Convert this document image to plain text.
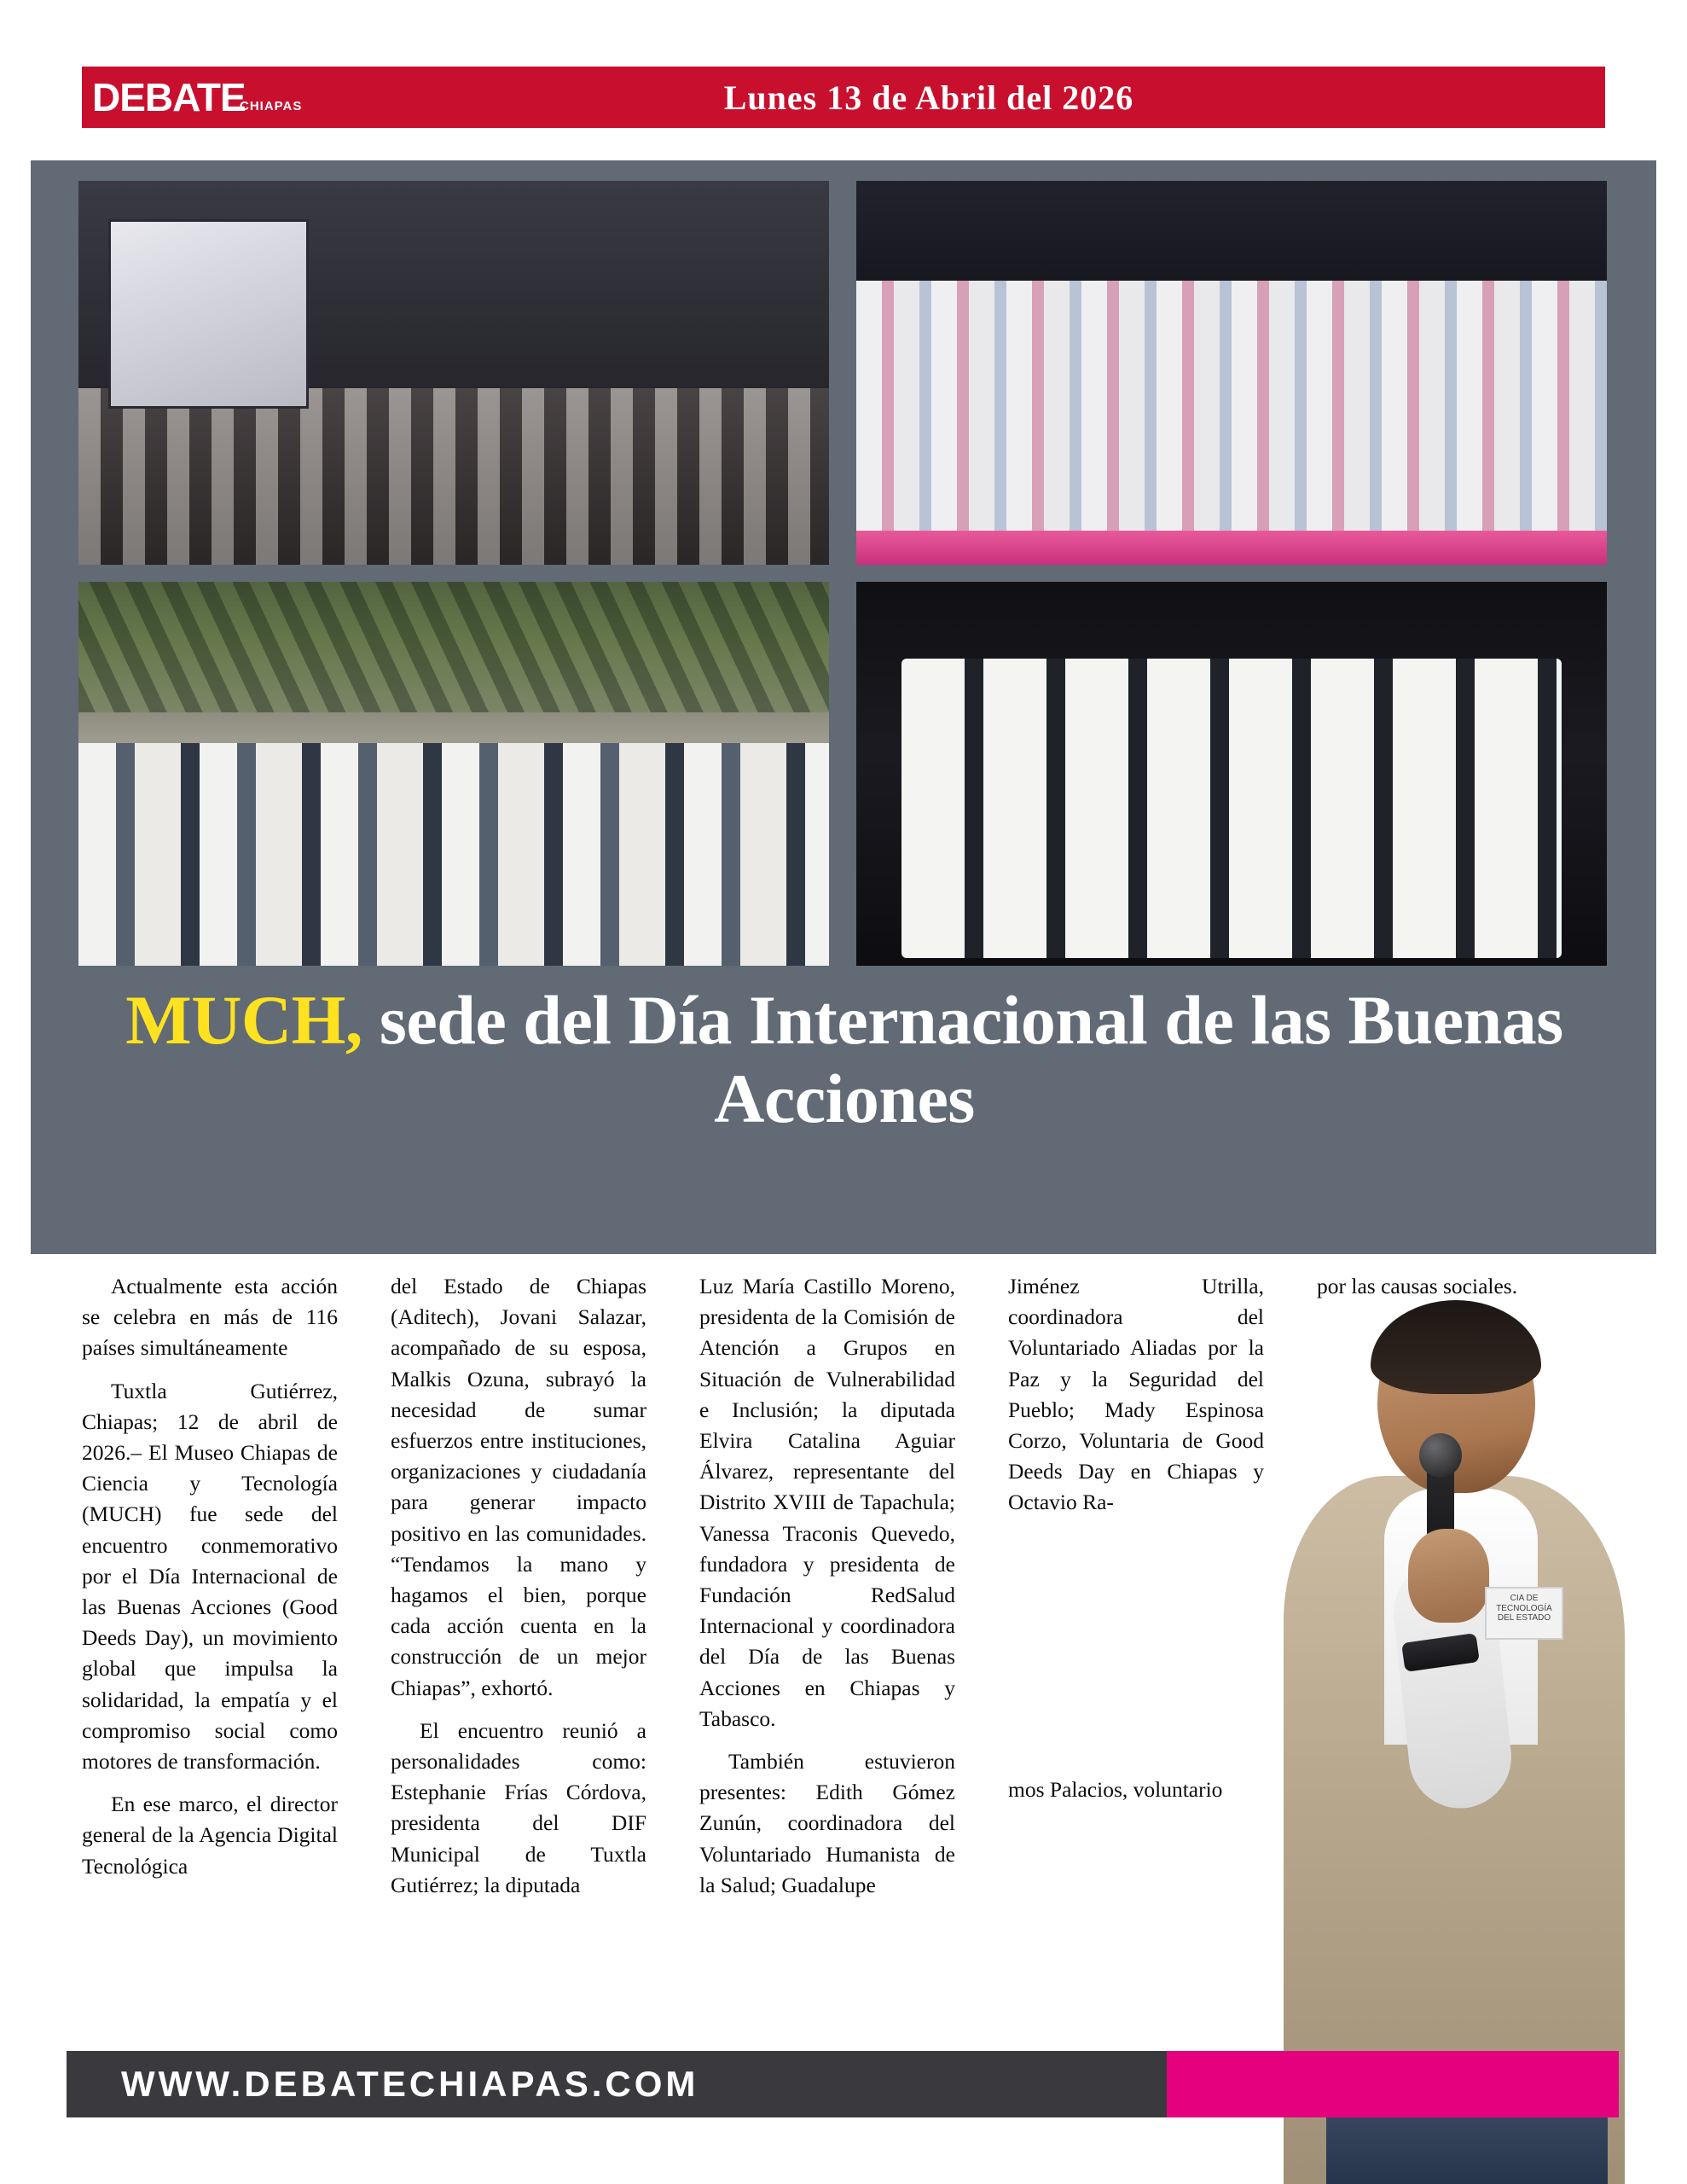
DEBATE
CHIAPAS	Lunes 13 de Abril del 2026
MUCH, sede del Día Internacional de las Buenas Acciones

Actualmente esta acción se celebra en más de 116 países simultáneamente

Tuxtla Gutiérrez, Chiapas; 12 de abril de 2026.– El Museo Chiapas de Ciencia y Tecnología (MUCH) fue sede del encuentro conmemorativo por el Día Internacional de las Buenas Acciones (Good Deeds Day), un movimiento global que impulsa la solidaridad, la empatía y el compromiso social como motores de transformación.

En ese marco, el director general de la Agencia Digital Tecnológica

del Estado de Chiapas (Aditech), Jovani Salazar, acompañado de su esposa, Malkis Ozuna, subrayó la necesidad de sumar esfuerzos entre instituciones, organizaciones y ciudadanía para generar impacto positivo en las comunidades. “Tendamos la mano y hagamos el bien, porque cada acción cuenta en la construcción de un mejor Chiapas”, exhortó.

El encuentro reunió a personalidades como: Estephanie Frías Córdova, presidenta del DIF Municipal de Tuxtla Gutiérrez; la diputada

Luz María Castillo Moreno, presidenta de la Comisión de Atención a Grupos en Situación de Vulnerabilidad e Inclusión; la diputada Elvira Catalina Aguiar Álvarez, representante del Distrito XVIII de Tapachula; Vanessa Traconis Quevedo, fundadora y presidenta de Fundación RedSalud Internacional y coordinadora del Día de las Buenas Acciones en Chiapas y Tabasco.

También estuvieron presentes: Edith Gómez Zunún, coordinadora del Voluntariado Humanista de la Salud; Guadalupe

Jiménez Utrilla, coordinadora del Voluntariado Aliadas por la Paz y la Seguridad del Pueblo; Mady Espinosa Corzo, Voluntaria de Good Deeds Day en Chiapas y Octavio Ra-

mos Palacios, voluntario

por las causas sociales.

CIA DE
TECNOLOGÍA
DEL ESTADO
WWW.DEBATECHIAPAS.COM
